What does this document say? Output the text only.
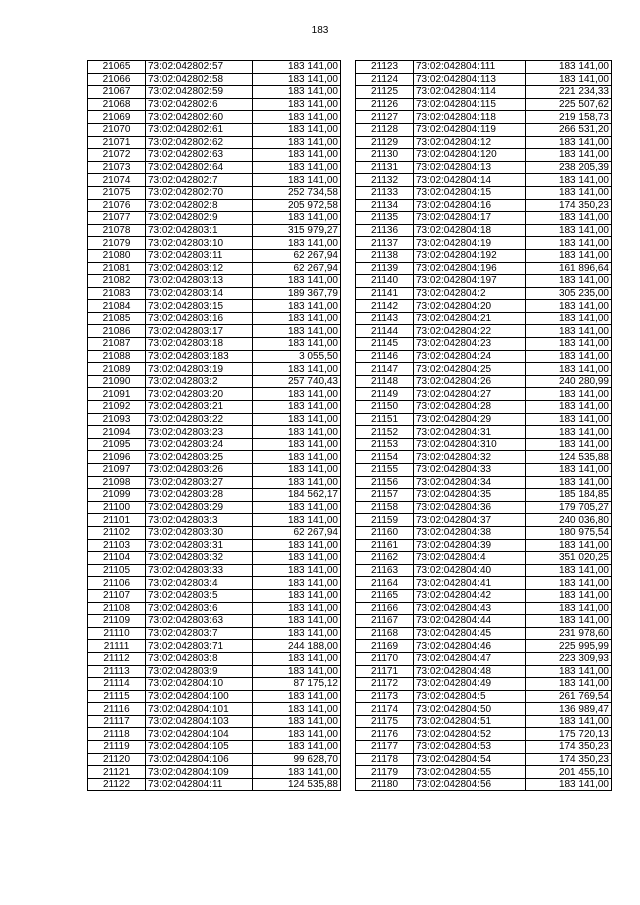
183
21065	73:02:042802:57	183 141,00
21066	73:02:042802:58	183 141,00
21067	73:02:042802:59	183 141,00
21068	73:02:042802:6	183 141,00
21069	73:02:042802:60	183 141,00
21070	73:02:042802:61	183 141,00
21071	73:02:042802:62	183 141,00
21072	73:02:042802:63	183 141,00
21073	73:02:042802:64	183 141,00
21074	73:02:042802:7	183 141,00
21075	73:02:042802:70	252 734,58
21076	73:02:042802:8	205 972,58
21077	73:02:042802:9	183 141,00
21078	73:02:042803:1	315 979,27
21079	73:02:042803:10	183 141,00
21080	73:02:042803:11	62 267,94
21081	73:02:042803:12	62 267,94
21082	73:02:042803:13	183 141,00
21083	73:02:042803:14	189 367,79
21084	73:02:042803:15	183 141,00
21085	73:02:042803:16	183 141,00
21086	73:02:042803:17	183 141,00
21087	73:02:042803:18	183 141,00
21088	73:02:042803:183	3 055,50
21089	73:02:042803:19	183 141,00
21090	73:02:042803:2	257 740,43
21091	73:02:042803:20	183 141,00
21092	73:02:042803:21	183 141,00
21093	73:02:042803:22	183 141,00
21094	73:02:042803:23	183 141,00
21095	73:02:042803:24	183 141,00
21096	73:02:042803:25	183 141,00
21097	73:02:042803:26	183 141,00
21098	73:02:042803:27	183 141,00
21099	73:02:042803:28	184 562,17
21100	73:02:042803:29	183 141,00
21101	73:02:042803:3	183 141,00
21102	73:02:042803:30	62 267,94
21103	73:02:042803:31	183 141,00
21104	73:02:042803:32	183 141,00
21105	73:02:042803:33	183 141,00
21106	73:02:042803:4	183 141,00
21107	73:02:042803:5	183 141,00
21108	73:02:042803:6	183 141,00
21109	73:02:042803:63	183 141,00
21110	73:02:042803:7	183 141,00
21111	73:02:042803:71	244 188,00
21112	73:02:042803:8	183 141,00
21113	73:02:042803:9	183 141,00
21114	73:02:042804:10	87 175,12
21115	73:02:042804:100	183 141,00
21116	73:02:042804:101	183 141,00
21117	73:02:042804:103	183 141,00
21118	73:02:042804:104	183 141,00
21119	73:02:042804:105	183 141,00
21120	73:02:042804:106	99 628,70
21121	73:02:042804:109	183 141,00
21122	73:02:042804:11	124 535,88
21123	73:02:042804:111	183 141,00
21124	73:02:042804:113	183 141,00
21125	73:02:042804:114	221 234,33
21126	73:02:042804:115	225 507,62
21127	73:02:042804:118	219 158,73
21128	73:02:042804:119	266 531,20
21129	73:02:042804:12	183 141,00
21130	73:02:042804:120	183 141,00
21131	73:02:042804:13	238 205,39
21132	73:02:042804:14	183 141,00
21133	73:02:042804:15	183 141,00
21134	73:02:042804:16	174 350,23
21135	73:02:042804:17	183 141,00
21136	73:02:042804:18	183 141,00
21137	73:02:042804:19	183 141,00
21138	73:02:042804:192	183 141,00
21139	73:02:042804:196	161 896,64
21140	73:02:042804:197	183 141,00
21141	73:02:042804:2	305 235,00
21142	73:02:042804:20	183 141,00
21143	73:02:042804:21	183 141,00
21144	73:02:042804:22	183 141,00
21145	73:02:042804:23	183 141,00
21146	73:02:042804:24	183 141,00
21147	73:02:042804:25	183 141,00
21148	73:02:042804:26	240 280,99
21149	73:02:042804:27	183 141,00
21150	73:02:042804:28	183 141,00
21151	73:02:042804:29	183 141,00
21152	73:02:042804:31	183 141,00
21153	73:02:042804:310	183 141,00
21154	73:02:042804:32	124 535,88
21155	73:02:042804:33	183 141,00
21156	73:02:042804:34	183 141,00
21157	73:02:042804:35	185 184,85
21158	73:02:042804:36	179 705,27
21159	73:02:042804:37	240 036,80
21160	73:02:042804:38	180 975,54
21161	73:02:042804:39	183 141,00
21162	73:02:042804:4	351 020,25
21163	73:02:042804:40	183 141,00
21164	73:02:042804:41	183 141,00
21165	73:02:042804:42	183 141,00
21166	73:02:042804:43	183 141,00
21167	73:02:042804:44	183 141,00
21168	73:02:042804:45	231 978,60
21169	73:02:042804:46	225 995,99
21170	73:02:042804:47	223 309,93
21171	73:02:042804:48	183 141,00
21172	73:02:042804:49	183 141,00
21173	73:02:042804:5	261 769,54
21174	73:02:042804:50	136 989,47
21175	73:02:042804:51	183 141,00
21176	73:02:042804:52	175 720,13
21177	73:02:042804:53	174 350,23
21178	73:02:042804:54	174 350,23
21179	73:02:042804:55	201 455,10
21180	73:02:042804:56	183 141,00
